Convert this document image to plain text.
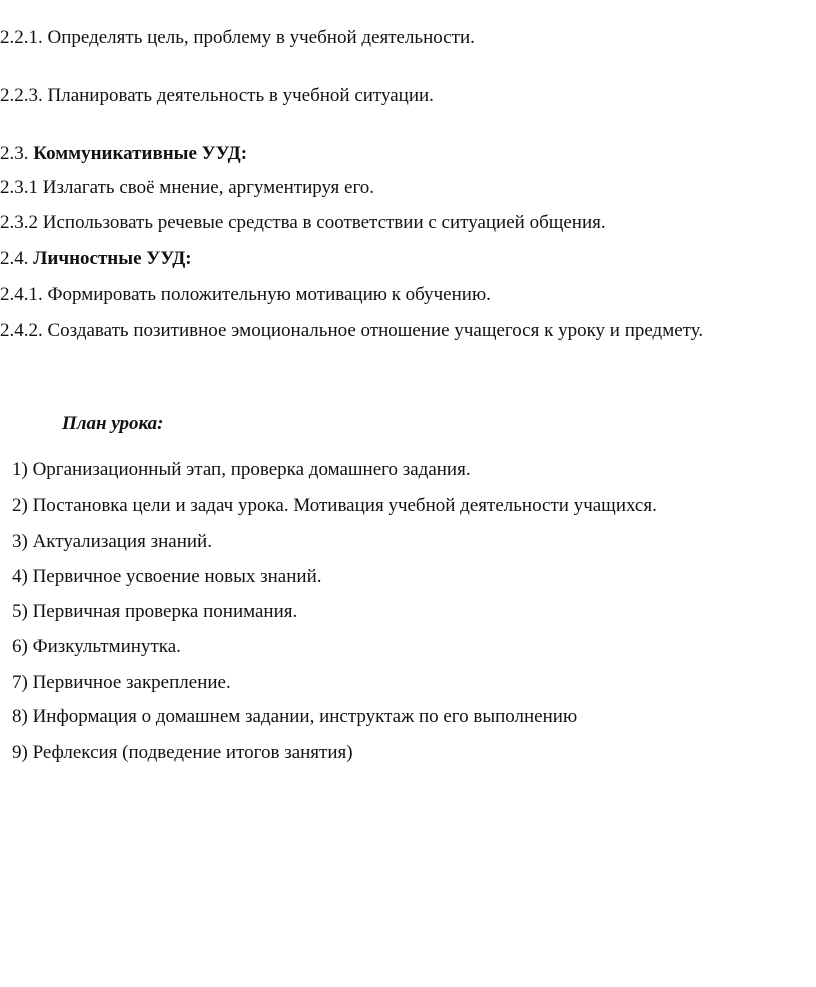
2.2.1. Определять цель, проблему в учебной деятельности.
2.2.3. Планировать деятельность в учебной ситуации.
2.3. Коммуникативные УУД:
2.3.1 Излагать своё мнение, аргументируя его.
2.3.2 Использовать речевые средства в соответствии с ситуацией общения.
2.4. Личностные УУД:
2.4.1. Формировать положительную мотивацию к обучению.
2.4.2. Создавать позитивное эмоциональное отношение учащегося к уроку и предмету.
План урока:
1) Организационный этап, проверка домашнего задания.
2) Постановка цели и задач урока. Мотивация учебной деятельности учащихся.
3) Актуализация знаний.
4) Первичное усвоение новых знаний.
5) Первичная проверка понимания.
6) Физкультминутка.
7) Первичное закрепление.
8) Информация о домашнем задании, инструктаж по его выполнению
9) Рефлексия (подведение итогов занятия)
